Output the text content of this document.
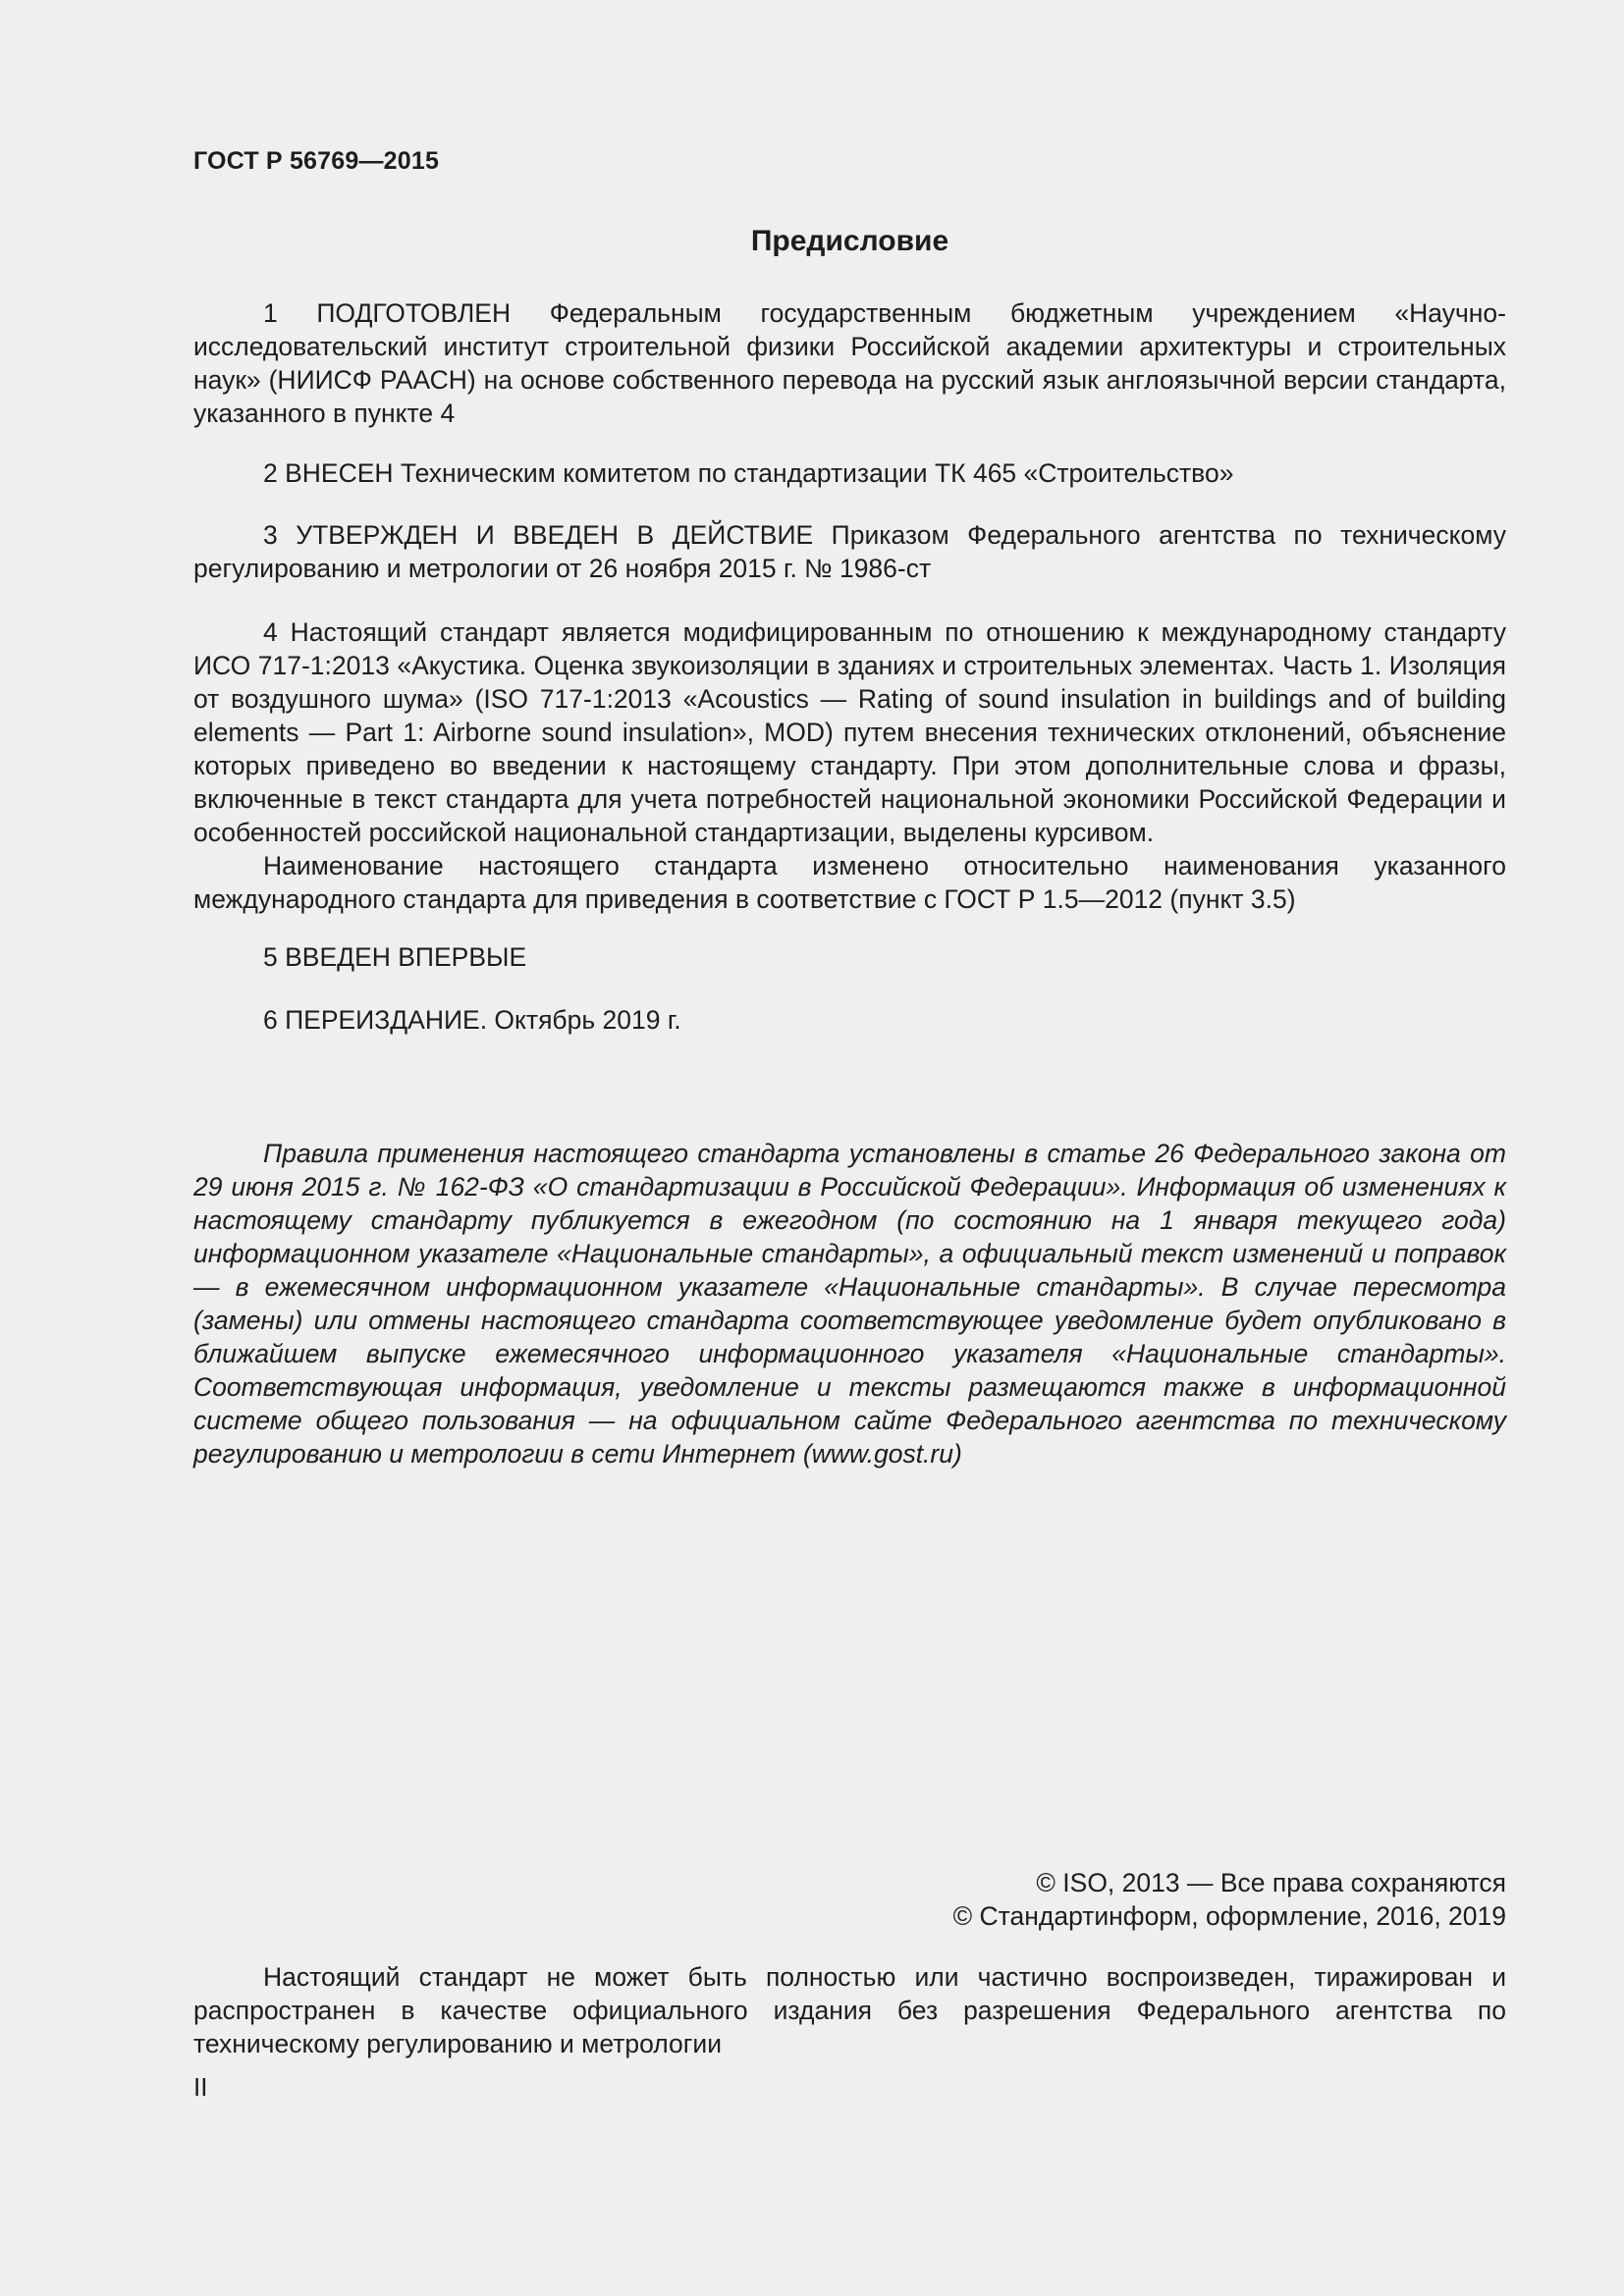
ГОСТ Р 56769—2015
Предисловие

1 ПОДГОТОВЛЕН Федеральным государственным бюджетным учреждением «Научно-исследовательский институт строительной физики Российской академии архитектуры и строительных наук» (НИИСФ РААСН) на основе собственного перевода на русский язык англоязычной версии стандарта, указанного в пункте 4

2 ВНЕСЕН Техническим комитетом по стандартизации ТК 465 «Строительство»

3 УТВЕРЖДЕН И ВВЕДЕН В ДЕЙСТВИЕ Приказом Федерального агентства по техническому регулированию и метрологии от 26 ноября 2015 г. № 1986-ст

4 Настоящий стандарт является модифицированным по отношению к международному стандарту ИСО 717-1:2013 «Акустика. Оценка звукоизоляции в зданиях и строительных элементах. Часть 1. Изоляция от воздушного шума» (ISO 717-1:2013 «Acoustics — Rating of sound insulation in buildings and of building elements — Part 1: Airborne sound insulation», MOD) путем внесения технических отклонений, объяснение которых приведено во введении к настоящему стандарту. При этом дополнительные слова и фразы, включенные в текст стандарта для учета потребностей национальной экономики Российской Федерации и особенностей российской национальной стандартизации, выделены курсивом.

Наименование настоящего стандарта изменено относительно наименования указанного международного стандарта для приведения в соответствие с ГОСТ Р 1.5—2012 (пункт 3.5)

5 ВВЕДЕН ВПЕРВЫЕ

6 ПЕРЕИЗДАНИЕ. Октябрь 2019 г.

Правила применения настоящего стандарта установлены в статье 26 Федерального закона от 29 июня 2015 г. № 162-ФЗ «О стандартизации в Российской Федерации». Информация об изменениях к настоящему стандарту публикуется в ежегодном (по состоянию на 1 января текущего года) информационном указателе «Национальные стандарты», а официальный текст изменений и поправок — в ежемесячном информационном указателе «Национальные стандарты». В случае пересмотра (замены) или отмены настоящего стандарта соответствующее уведомление будет опубликовано в ближайшем выпуске ежемесячного информационного указателя «Национальные стандарты». Соответствующая информация, уведомление и тексты размещаются также в информационной системе общего пользования — на официальном сайте Федерального агентства по техническому регулированию и метрологии в сети Интернет (www.gost.ru)

© ISO, 2013 — Все права сохраняются
© Стандартинформ, оформление, 2016, 2019

Настоящий стандарт не может быть полностью или частично воспроизведен, тиражирован и распространен в качестве официального издания без разрешения Федерального агентства по техническому регулированию и метрологии

II
